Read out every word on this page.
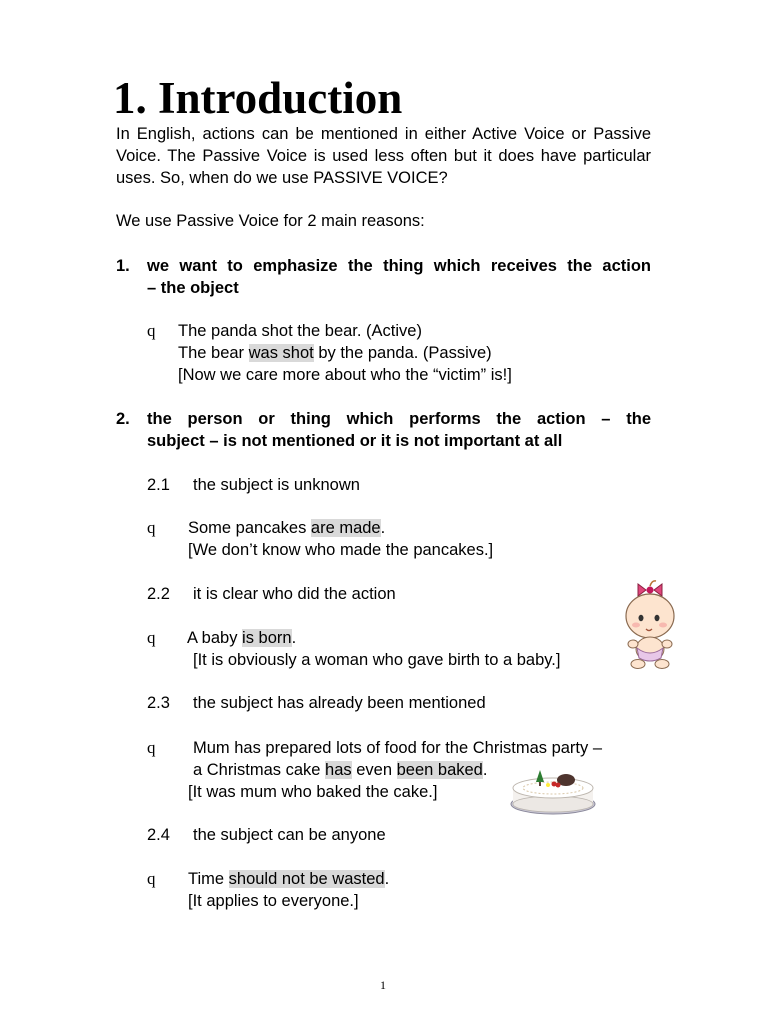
1. Introduction
In English, actions can be mentioned in either Active Voice or Passive Voice. The Passive Voice is used less often but it does have particular uses. So, when do we use PASSIVE VOICE?
We use Passive Voice for 2 main reasons:
1. we want to emphasize the thing which receives the action
– the object
q The panda shot the bear. (Active)
The bear was shot by the panda. (Passive)
[Now we care more about who the “victim” is!]
2. the person or thing which performs the action – the
subject – is not mentioned or it is not important at all
2.1 the subject is unknown
q Some pancakes are made.
[We don’t know who made the pancakes.]
2.2 it is clear who did the action
q A baby is born.
[It is obviously a woman who gave birth to a baby.]
2.3 the subject has already been mentioned
q Mum has prepared lots of food for the Christmas party –
a Christmas cake has even been baked.
[It was mum who baked the cake.]
2.4 the subject can be anyone
q Time should not be wasted.
[It applies to everyone.]
1
